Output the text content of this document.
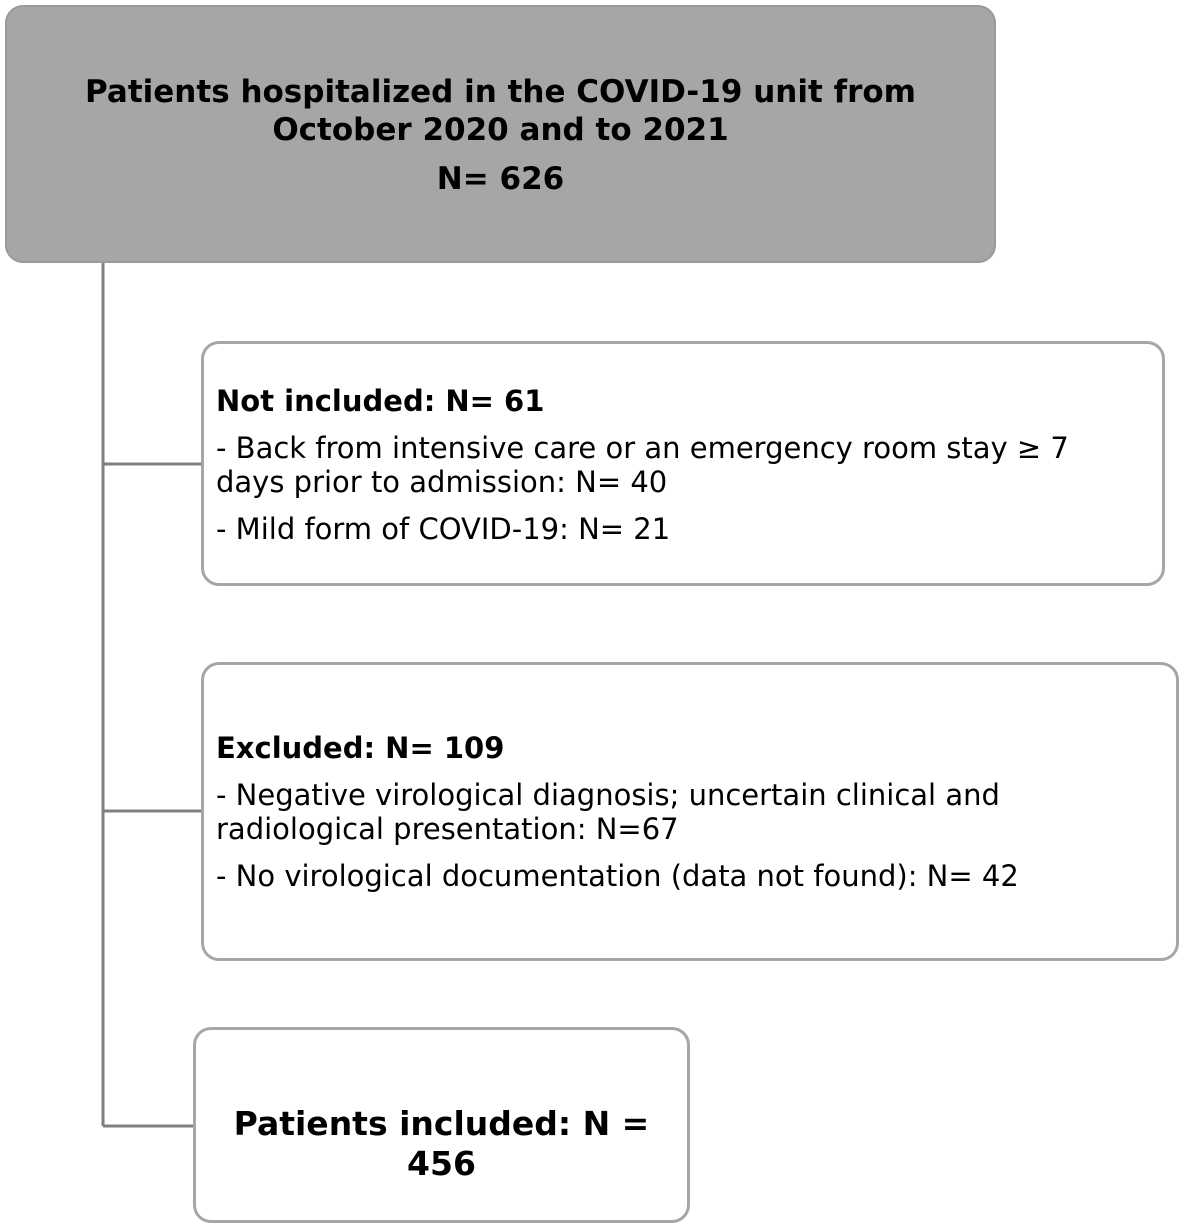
Patients hospitalized in the COVID-19 unit from October 2020 and to 2021
N= 626
Not included: N= 61
- Back from intensive care or an emergency room stay ≥ 7 days prior to admission: N= 40
- Mild form of COVID-19: N= 21
Excluded: N= 109
- Negative virological diagnosis; uncertain clinical and radiological presentation: N=67
- No virological documentation (data not found): N= 42
Patients included: N = 456
